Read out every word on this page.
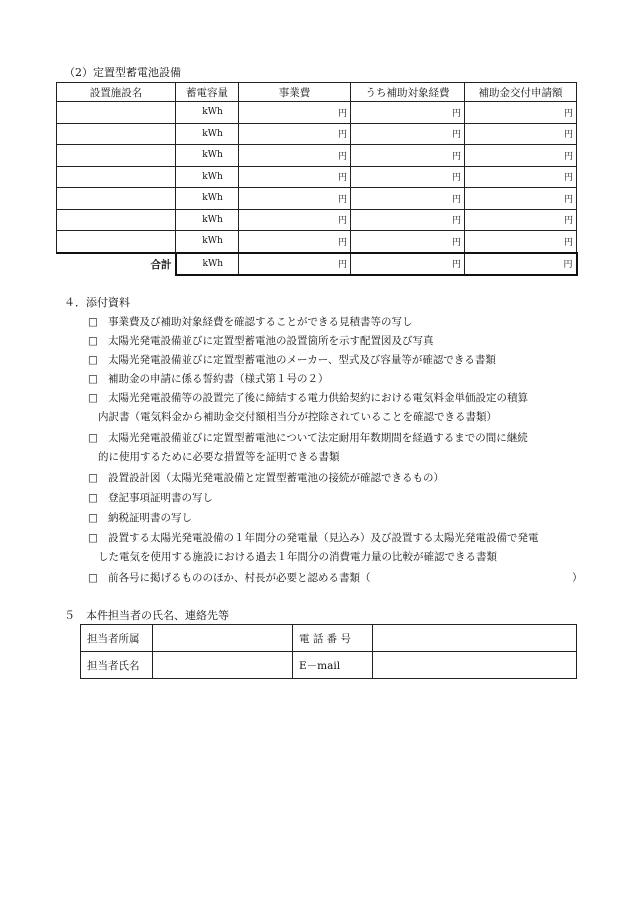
（2）定置型蓄電池設備
設置施設名	蓄電容量	事業費	うち補助対象経費	補助金交付申請額
	kWh	円	円	円
	kWh	円	円	円
	kWh	円	円	円
	kWh	円	円	円
	kWh	円	円	円
	kWh	円	円	円
	kWh	円	円	円
合計	kWh	円	円	円
４．添付資料
□ 事業費及び補助対象経費を確認することができる見積書等の写し
□ 太陽光発電設備並びに定置型蓄電池の設置箇所を示す配置図及び写真
□ 太陽光発電設備並びに定置型蓄電池のメーカー、型式及び容量等が確認できる書類
□ 補助金の申請に係る誓約書（様式第１号の２）
□ 太陽光発電設備等の設置完了後に締結する電力供給契約における電気料金単価設定の積算
内訳書（電気料金から補助金交付額相当分が控除されていることを確認できる書類）
□ 太陽光発電設備並びに定置型蓄電池について法定耐用年数期間を経過するまでの間に継続
的に使用するために必要な措置等を証明できる書類
□ 設置設計図（太陽光発電設備と定置型蓄電池の接続が確認できるもの）
□ 登記事項証明書の写し
□ 納税証明書の写し
□ 設置する太陽光発電設備の１年間分の発電量（見込み）及び設置する太陽光発電設備で発電
した電気を使用する施設における過去１年間分の消費電力量の比較が確認できる書類
□ 前各号に掲げるもののほか、村長が必要と認める書類（	）
５　本件担当者の氏名、連絡先等
担当者所属		電 話 番 号	
担当者氏名		E－mail	
